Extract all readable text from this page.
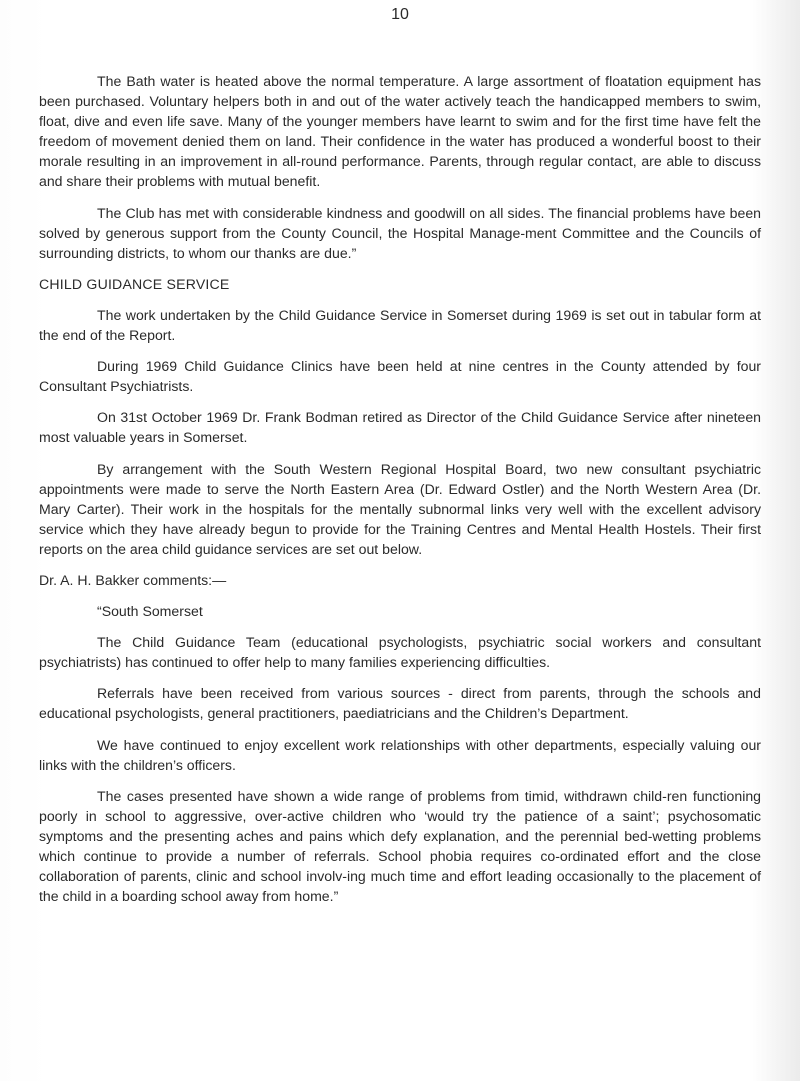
10

The Bath water is heated above the normal temperature. A large assortment of floatation equipment has been purchased. Voluntary helpers both in and out of the water actively teach the handicapped members to swim, float, dive and even life save. Many of the younger members have learnt to swim and for the first time have felt the freedom of movement denied them on land. Their confidence in the water has produced a wonderful boost to their morale resulting in an improvement in all-round performance. Parents, through regular contact, are able to discuss and share their problems with mutual benefit.

The Club has met with considerable kindness and goodwill on all sides. The financial problems have been solved by generous support from the County Council, the Hospital Manage-ment Committee and the Councils of surrounding districts, to whom our thanks are due.”

CHILD GUIDANCE SERVICE

The work undertaken by the Child Guidance Service in Somerset during 1969 is set out in tabular form at the end of the Report.

During 1969 Child Guidance Clinics have been held at nine centres in the County attended by four Consultant Psychiatrists.

On 31st October 1969 Dr. Frank Bodman retired as Director of the Child Guidance Service after nineteen most valuable years in Somerset.

By arrangement with the South Western Regional Hospital Board, two new consultant psychiatric appointments were made to serve the North Eastern Area (Dr. Edward Ostler) and the North Western Area (Dr. Mary Carter). Their work in the hospitals for the mentally subnormal links very well with the excellent advisory service which they have already begun to provide for the Training Centres and Mental Health Hostels. Their first reports on the area child guidance services are set out below.

Dr. A. H. Bakker comments:—

“South Somerset

The Child Guidance Team (educational psychologists, psychiatric social workers and consultant psychiatrists) has continued to offer help to many families experiencing difficulties.

Referrals have been received from various sources - direct from parents, through the schools and educational psychologists, general practitioners, paediatricians and the Children’s Department.

We have continued to enjoy excellent work relationships with other departments, especially valuing our links with the children’s officers.

The cases presented have shown a wide range of problems from timid, withdrawn child-ren functioning poorly in school to aggressive, over-active children who ‘would try the patience of a saint’; psychosomatic symptoms and the presenting aches and pains which defy explanation, and the perennial bed-wetting problems which continue to provide a number of referrals. School phobia requires co-ordinated effort and the close collaboration of parents, clinic and school involv-ing much time and effort leading occasionally to the placement of the child in a boarding school away from home.”
